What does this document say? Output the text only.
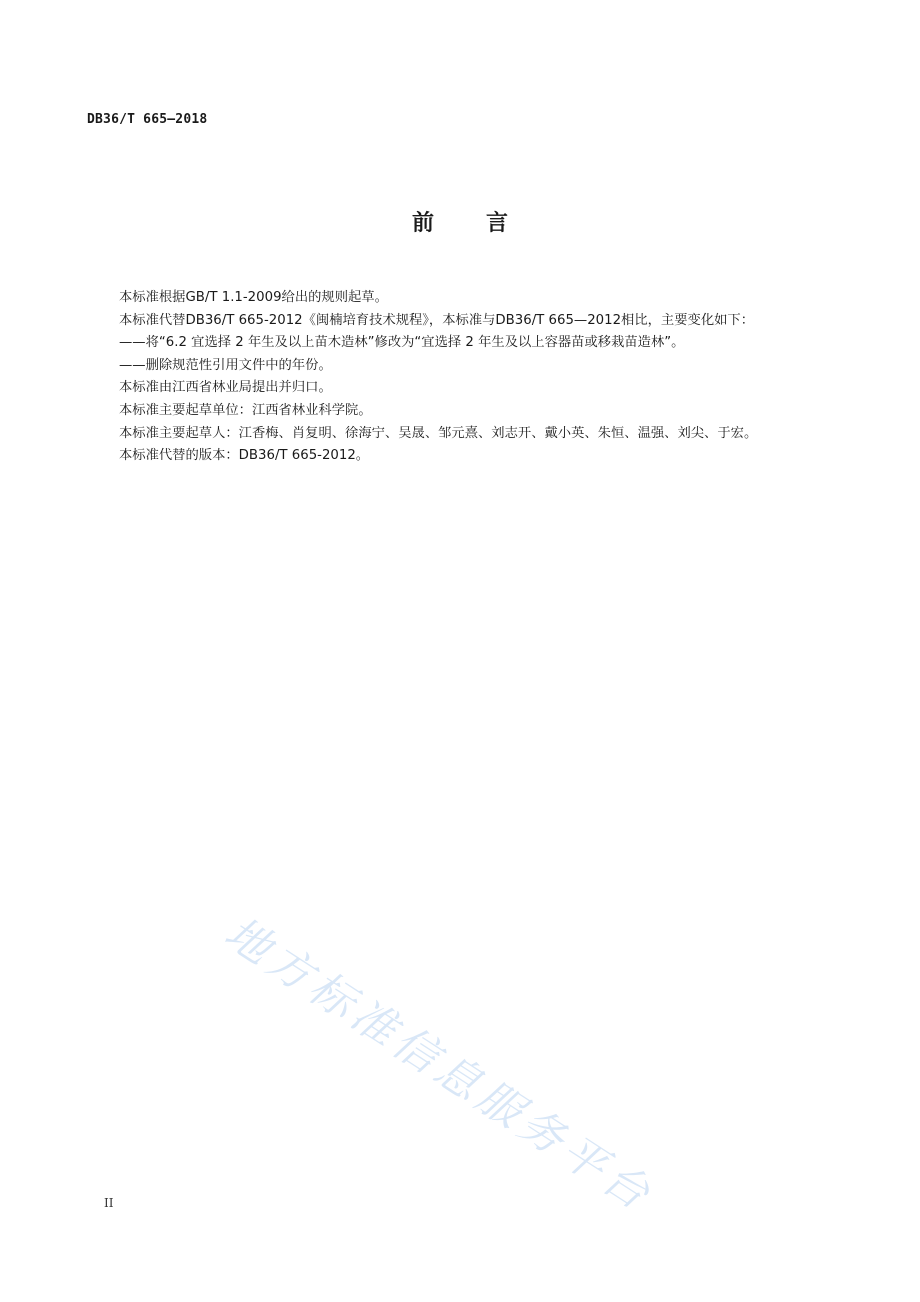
DB36/T 665—2018
前 言

本标准根据GB/T 1.1-2009给出的规则起草。

本标准代替DB36/T 665-2012《闽楠培育技术规程》，本标准与DB36/T 665—2012相比，主要变化如下：

——将“6.2 宜选择 2 年生及以上苗木造林”修改为“宜选择 2 年生及以上容器苗或移栽苗造林”。

——删除规范性引用文件中的年份。

本标准由江西省林业局提出并归口。

本标准主要起草单位：江西省林业科学院。

本标准主要起草人：江香梅、肖复明、徐海宁、吴晟、邹元熹、刘志开、戴小英、朱恒、温强、刘尖、于宏。

本标准代替的版本：DB36/T 665-2012。

地方标准信息服务平台
II
